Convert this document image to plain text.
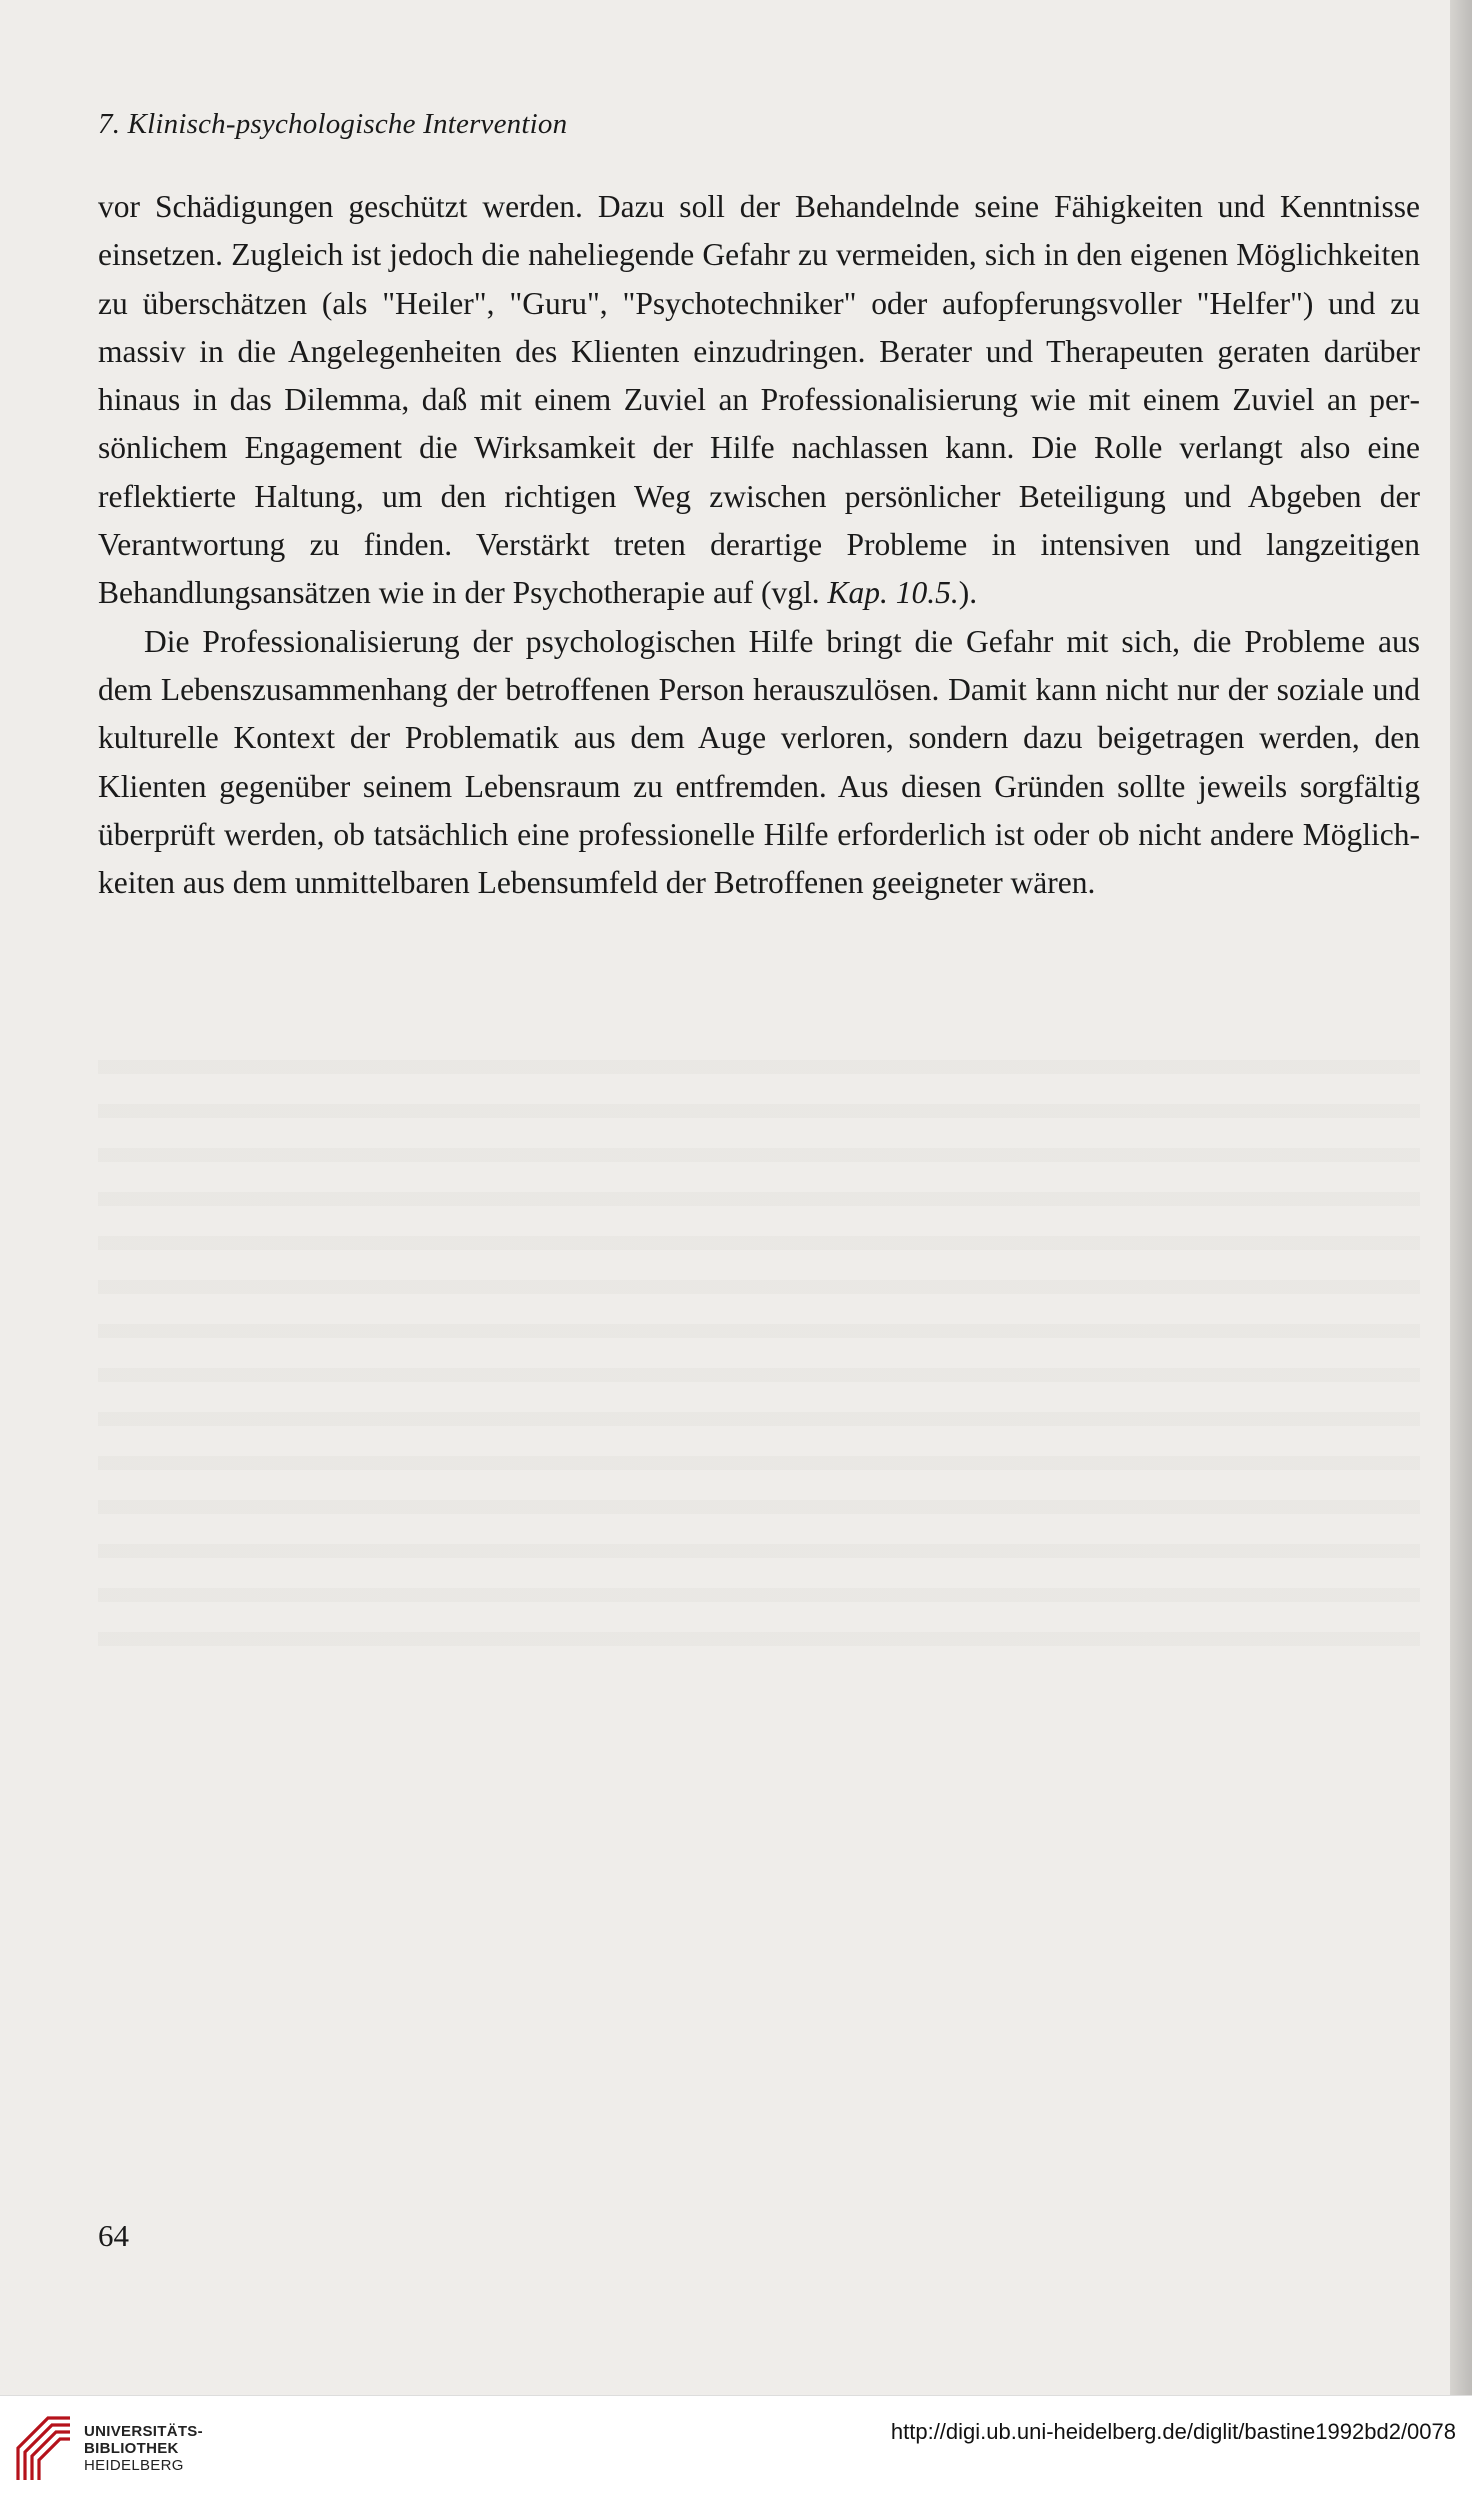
7. Klinisch-psychologische Intervention

vor Schädigungen geschützt werden. Dazu soll der Behandelnde seine Fähigkeiten und Kenntnisse einsetzen. Zugleich ist jedoch die naheliegende Gefahr zu vermeiden, sich in den eigenen Möglichkeiten zu überschätzen (als "Heiler", "Guru", "Psychotechniker" oder aufopferungsvoller "Helfer") und zu massiv in die Angelegenheiten des Klienten einzudringen. Berater und Therapeuten geraten darüber hinaus in das Dilemma, daß mit einem Zuviel an Professionalisierung wie mit einem Zuviel an persönlichem Engagement die Wirksamkeit der Hilfe nachlassen kann. Die Rolle verlangt also eine reflektierte Haltung, um den richtigen Weg zwischen persönlicher Beteiligung und Abgeben der Verantwortung zu finden. Verstärkt treten derartige Probleme in intensiven und langzeitigen Behandlungsansätzen wie in der Psychotherapie auf (vgl. Kap. 10.5.).

Die Professionalisierung der psychologischen Hilfe bringt die Gefahr mit sich, die Probleme aus dem Lebenszusammenhang der betroffenen Person herauszulösen. Damit kann nicht nur der soziale und kulturelle Kontext der Problematik aus dem Auge verloren, sondern dazu beigetragen werden, den Klienten gegenüber seinem Lebensraum zu entfremden. Aus diesen Gründen sollte jeweils sorgfältig überprüft werden, ob tatsächlich eine professionelle Hilfe erforderlich ist oder ob nicht andere Möglichkeiten aus dem unmittelbaren Lebensumfeld der Betroffenen geeigneter wären.

64
UNIVERSITÄTS-
BIBLIOTHEK
HEIDELBERG
http://digi.ub.uni-heidelberg.de/diglit/bastine1992bd2/0078
